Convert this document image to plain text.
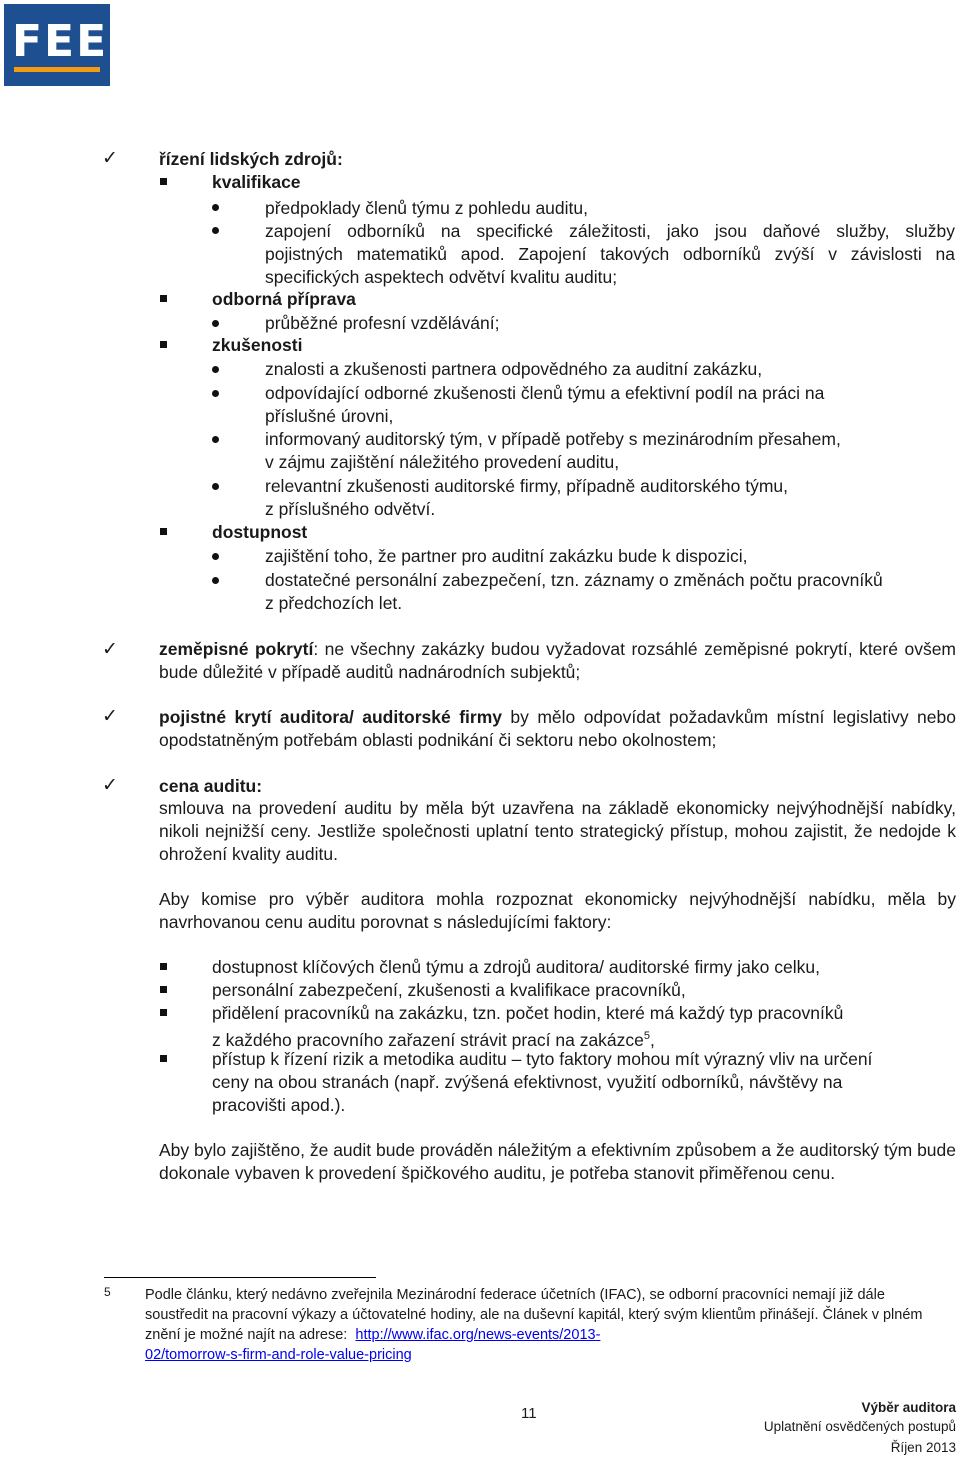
FEE
✓ řízení lidských zdrojů:
kvalifikace
předpoklady členů týmu z pohledu auditu,
zapojení odborníků na specifické záležitosti, jako jsou daňové služby, služby
pojistných matematiků apod. Zapojení takových odborníků zvýší v závislosti na
specifických aspektech odvětví kvalitu auditu;
odborná příprava
průběžné profesní vzdělávání;
zkušenosti
znalosti a zkušenosti partnera odpovědného za auditní zakázku,
odpovídající odborné zkušenosti členů týmu a efektivní podíl na práci na
příslušné úrovni,
informovaný auditorský tým, v případě potřeby s mezinárodním přesahem,
v zájmu zajištění náležitého provedení auditu,
relevantní zkušenosti auditorské firmy, případně auditorského týmu,
z příslušného odvětví.
dostupnost
zajištění toho, že partner pro auditní zakázku bude k dispozici,
dostatečné personální zabezpečení, tzn. záznamy o změnách počtu pracovníků
z předchozích let.
✓ zeměpisné pokrytí: ne všechny zakázky budou vyžadovat rozsáhlé zeměpisné pokrytí, které ovšem bude důležité v případě auditů nadnárodních subjektů;
✓ pojistné krytí auditora/ auditorské firmy by mělo odpovídat požadavkům místní legislativy nebo opodstatněným potřebám oblasti podnikání či sektoru nebo okolnostem;
✓ cena auditu:
smlouva na provedení auditu by měla být uzavřena na základě ekonomicky nejvýhodnější nabídky, nikoli nejnižší ceny. Jestliže společnosti uplatní tento strategický přístup, mohou zajistit, že nedojde k ohrožení kvality auditu.
Aby komise pro výběr auditora mohla rozpoznat ekonomicky nejvýhodnější nabídku, měla by navrhovanou cenu auditu porovnat s následujícími faktory:
dostupnost klíčových členů týmu a zdrojů auditora/ auditorské firmy jako celku,
personální zabezpečení, zkušenosti a kvalifikace pracovníků,
přidělení pracovníků na zakázku, tzn. počet hodin, které má každý typ pracovníků
z každého pracovního zařazení strávit prací na zakázce$^5$,
přístup k řízení rizik a metodika auditu – tyto faktory mohou mít výrazný vliv na určení
ceny na obou stranách (např. zvýšená efektivnost, využití odborníků, návštěvy na
pracovišti apod.).
Aby bylo zajištěno, že audit bude prováděn náležitým a efektivním způsobem a že auditorský tým bude dokonale vybaven k provedení špičkového auditu, je potřeba stanovit přiměřenou cenu.
5 Podle článku, který nedávno zveřejnila Mezinárodní federace účetních (IFAC), se odborní pracovníci nemají již dále soustředit na pracovní výkazy a účtovatelné hodiny, ale na duševní kapitál, který svým klientům přinášejí. Článek v plném znění je možné najít na adrese: http://www.ifac.org/news-events/2013-
02/tomorrow-s-firm-and-role-value-pricing
11	Výběr auditora
Uplatnění osvědčených postupů
Říjen 2013
